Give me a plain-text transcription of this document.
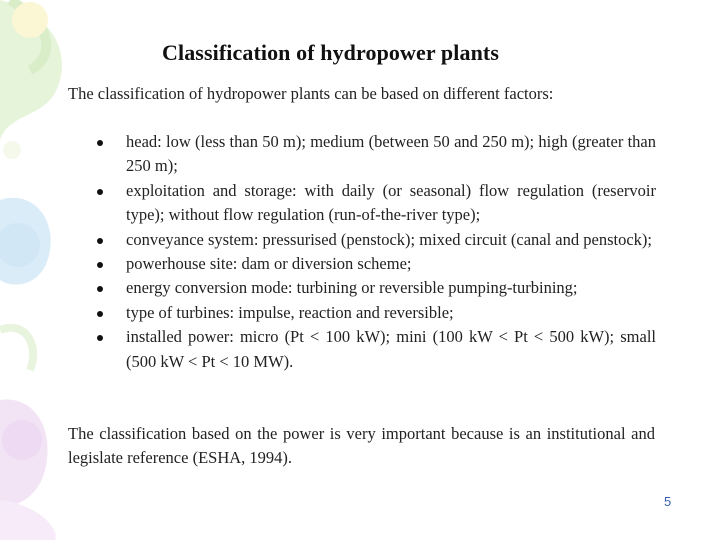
Classification of hydropower plants
The classification of hydropower plants can be based on different factors:
head: low (less than 50 m); medium (between 50 and 250 m); high (greater than 250 m);
exploitation and storage: with daily (or seasonal) flow regulation (reservoir type); without flow regulation (run-of-the-river type);
conveyance system: pressurised (penstock); mixed circuit (canal and penstock);
powerhouse site: dam or diversion scheme;
energy conversion mode: turbining or reversible pumping-turbining;
type of turbines: impulse, reaction and reversible;
installed power: micro (Pt < 100 kW); mini (100 kW < Pt < 500 kW); small (500 kW < Pt < 10 MW).
The classification based on the power is very important because is an institutional and legislate reference (ESHA, 1994).
5
